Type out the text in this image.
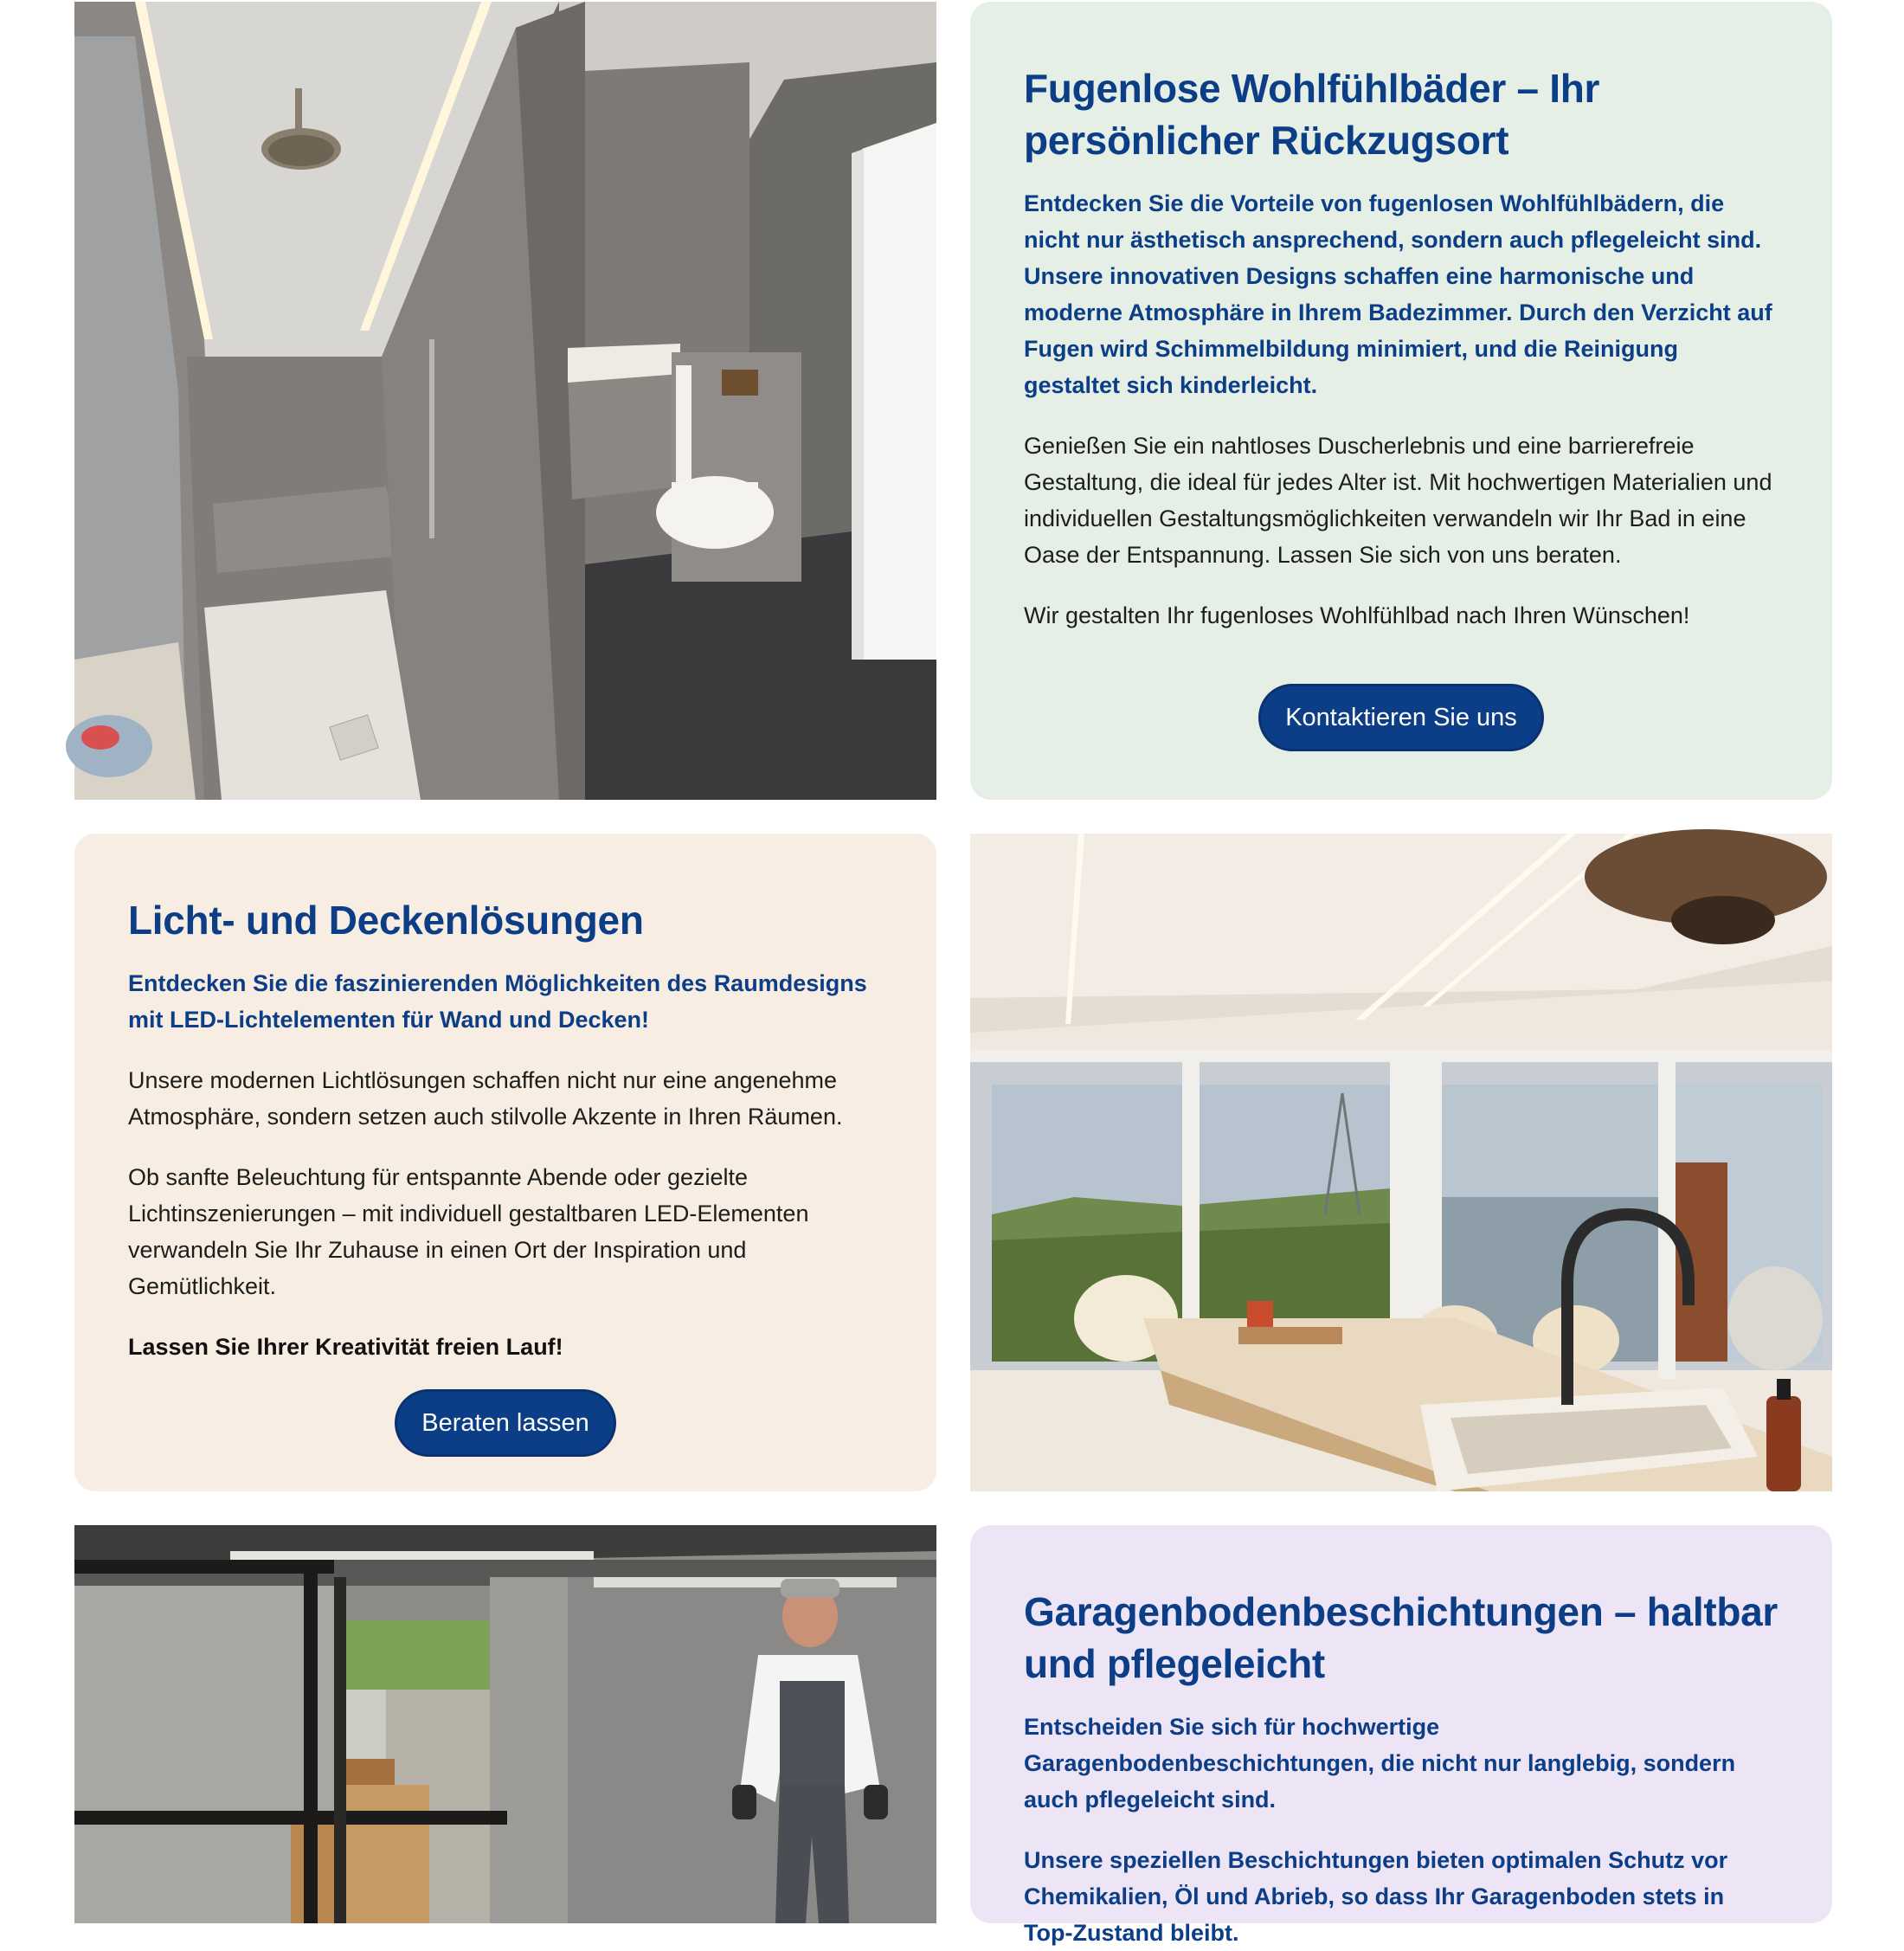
Fugenlose Wohlfühlbäder – Ihr persönlicher Rückzugsort

Entdecken Sie die Vorteile von fugenlosen Wohlfühlbädern, die nicht nur ästhetisch ansprechend, sondern auch pflegeleicht sind. Unsere innovativen Designs schaffen eine harmonische und moderne Atmosphäre in Ihrem Badezimmer. Durch den Verzicht auf Fugen wird Schimmelbildung minimiert, und die Reinigung gestaltet sich kinderleicht.

Genießen Sie ein nahtloses Duscherlebnis und eine barrierefreie Gestaltung, die ideal für jedes Alter ist. Mit hochwertigen Materialien und individuellen Gestaltungsmöglichkeiten verwandeln wir Ihr Bad in eine Oase der Entspannung. Lassen Sie sich von uns beraten.

Wir gestalten Ihr fugenloses Wohlfühlbad nach Ihren Wünschen!

Kontaktieren Sie uns
Licht- und Deckenlösungen

Entdecken Sie die faszinierenden Möglichkeiten des Raumdesigns mit LED-Lichtelementen für Wand und Decken!

Unsere modernen Lichtlösungen schaffen nicht nur eine angenehme Atmosphäre, sondern setzen auch stilvolle Akzente in Ihren Räumen.

Ob sanfte Beleuchtung für entspannte Abende oder gezielte Lichtinszenierungen – mit individuell gestaltbaren LED-Elementen verwandeln Sie Ihr Zuhause in einen Ort der Inspiration und Gemütlichkeit.

Lassen Sie Ihrer Kreativität freien Lauf!

Beraten lassen
Garagenbodenbeschichtungen – haltbar und pflegeleicht

Entscheiden Sie sich für hochwertige Garagenbodenbeschichtungen, die nicht nur langlebig, sondern auch pflegeleicht sind.

Unsere speziellen Beschichtungen bieten optimalen Schutz vor Chemikalien, Öl und Abrieb, so dass Ihr Garagenboden stets in Top-Zustand bleibt.
